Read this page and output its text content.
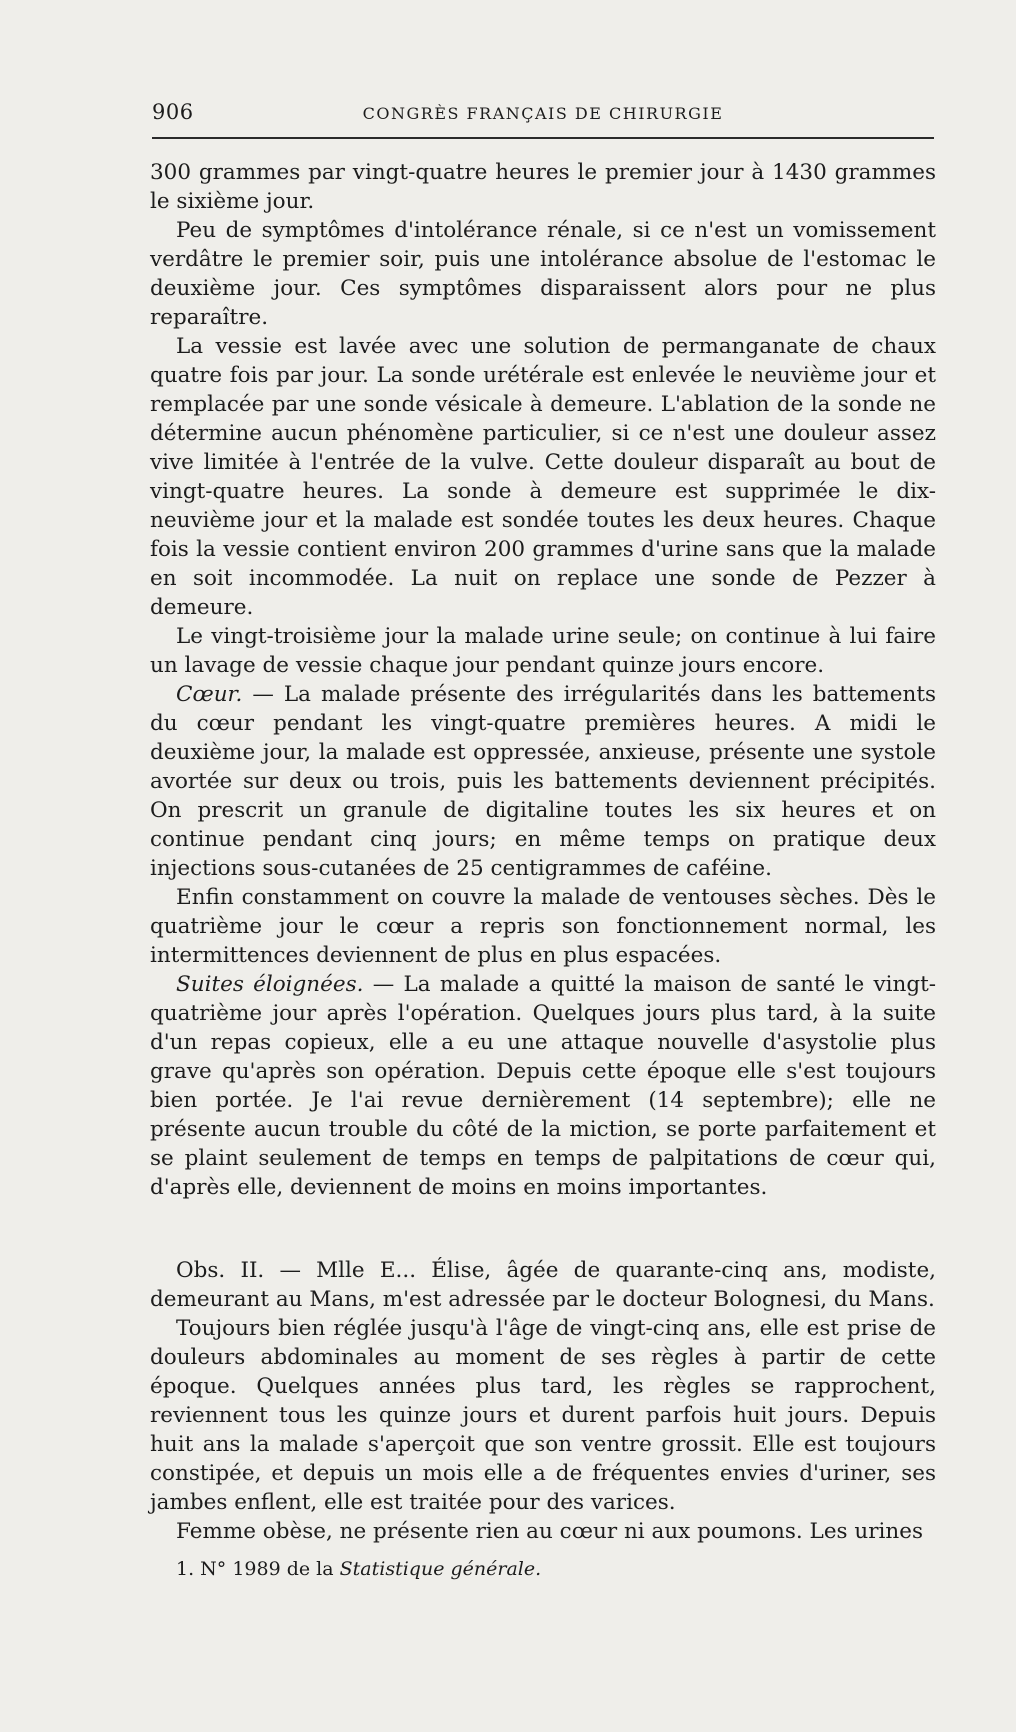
906	CONGRÈS FRANÇAIS DE CHIRURGIE

300 grammes par vingt-quatre heures le premier jour à 1430 grammes le sixième jour.

Peu de symptômes d'intolérance rénale, si ce n'est un vomissement verdâtre le premier soir, puis une intolérance absolue de l'estomac le deuxième jour. Ces symptômes disparaissent alors pour ne plus reparaître.

La vessie est lavée avec une solution de permanganate de chaux quatre fois par jour. La sonde urétérale est enlevée le neuvième jour et remplacée par une sonde vésicale à demeure. L'ablation de la sonde ne détermine aucun phénomène particulier, si ce n'est une douleur assez vive limitée à l'entrée de la vulve. Cette douleur disparaît au bout de vingt-quatre heures. La sonde à demeure est supprimée le dix-neuvième jour et la malade est sondée toutes les deux heures. Chaque fois la vessie contient environ 200 grammes d'urine sans que la malade en soit incommodée. La nuit on replace une sonde de Pezzer à demeure.

Le vingt-troisième jour la malade urine seule; on continue à lui faire un lavage de vessie chaque jour pendant quinze jours encore.

Cœur. — La malade présente des irrégularités dans les battements du cœur pendant les vingt-quatre premières heures. A midi le deuxième jour, la malade est oppressée, anxieuse, présente une systole avortée sur deux ou trois, puis les battements deviennent précipités. On prescrit un granule de digitaline toutes les six heures et on continue pendant cinq jours; en même temps on pratique deux injections sous-cutanées de 25 centigrammes de caféine.

Enfin constamment on couvre la malade de ventouses sèches. Dès le quatrième jour le cœur a repris son fonctionnement normal, les intermittences deviennent de plus en plus espacées.

Suites éloignées. — La malade a quitté la maison de santé le vingt-quatrième jour après l'opération. Quelques jours plus tard, à la suite d'un repas copieux, elle a eu une attaque nouvelle d'asystolie plus grave qu'après son opération. Depuis cette époque elle s'est toujours bien portée. Je l'ai revue dernièrement (14 septembre); elle ne présente aucun trouble du côté de la miction, se porte parfaitement et se plaint seulement de temps en temps de palpitations de cœur qui, d'après elle, deviennent de moins en moins importantes.

Obs. II. — Mlle E... Élise, âgée de quarante-cinq ans, modiste, demeurant au Mans, m'est adressée par le docteur Bolognesi, du Mans.

Toujours bien réglée jusqu'à l'âge de vingt-cinq ans, elle est prise de douleurs abdominales au moment de ses règles à partir de cette époque. Quelques années plus tard, les règles se rapprochent, reviennent tous les quinze jours et durent parfois huit jours. Depuis huit ans la malade s'aperçoit que son ventre grossit. Elle est toujours constipée, et depuis un mois elle a de fréquentes envies d'uriner, ses jambes enflent, elle est traitée pour des varices.

Femme obèse, ne présente rien au cœur ni aux poumons. Les urines

1. N° 1989 de la Statistique générale.
